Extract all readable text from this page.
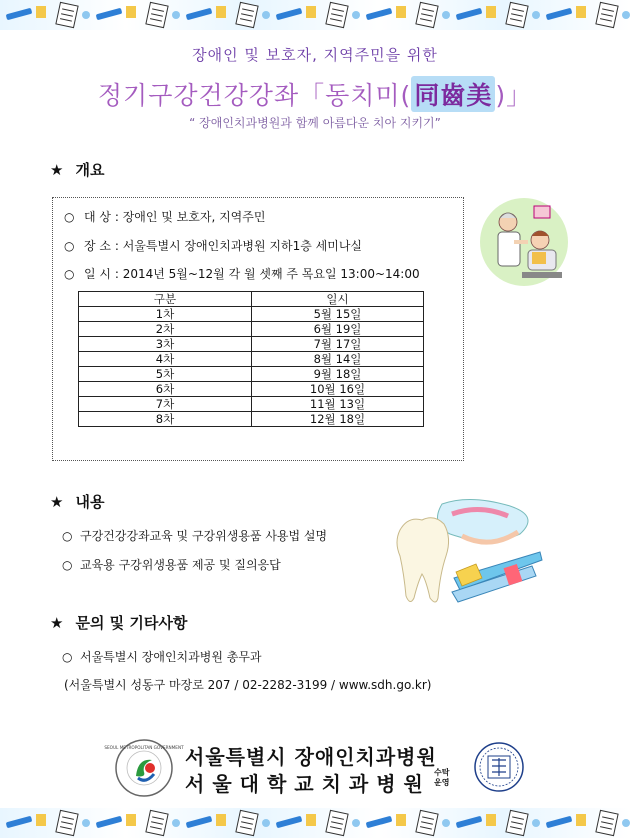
장애인 및 보호자, 지역주민을 위한
정기구강건강강좌「동치미( 同齒美 )」
“ 장애인치과병원과 함께 아름다운 치아 지키기”
★ 개요
○ 대 상 : 장애인 및 보호자, 지역주민
○ 장 소 : 서울특별시 장애인치과병원 지하1층 세미나실
○ 일 시 : 2014년 5월~12월 각 월 셋째 주 목요일 13:00~14:00
구분	일시
1차	5월 15일
2차	6월 19일
3차	7월 17일
4차	8월 14일
5차	9월 18일
6차	10월 16일
7차	11월 13일
8차	12월 18일
★ 내용
○ 구강건강강좌교육 및 구강위생용품 사용법 설명
○ 교육용 구강위생용품 제공 및 질의응답
★ 문의 및 기타사항
○ 서울특별시 장애인치과병원 총무과
(서울특별시 성동구 마장로 207 / 02-2282-3199 / www.sdh.go.kr)
SEOUL METROPOLITAN GOVERNMENT 서울특별시 장애인치과병원
서울대학교치과병원 수탁
운영
